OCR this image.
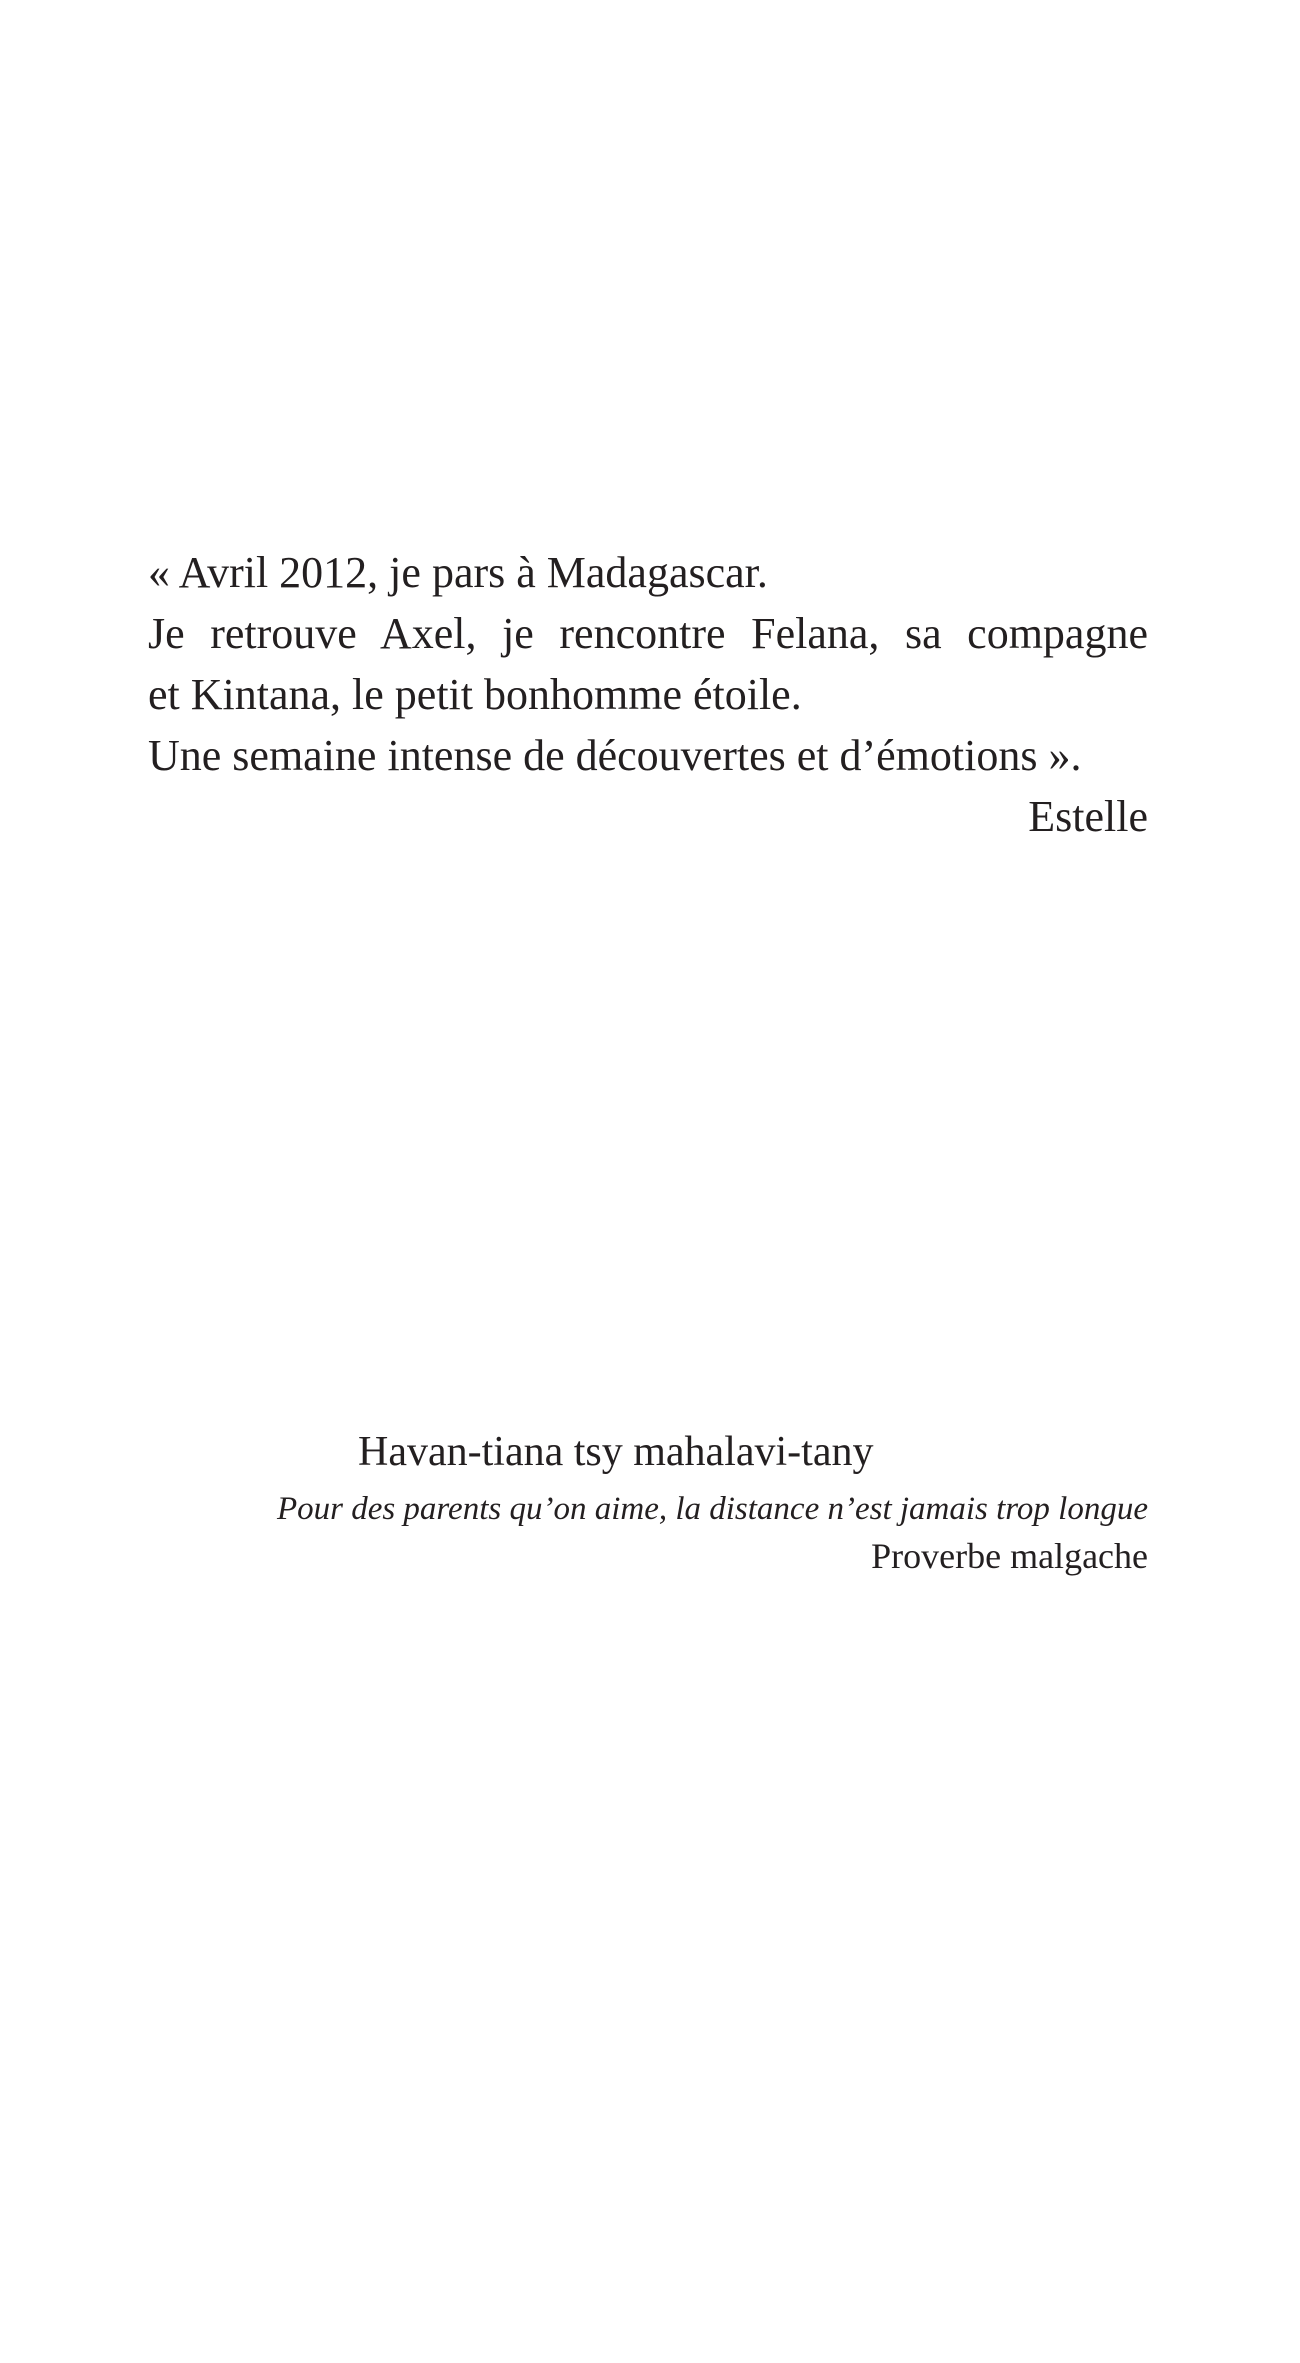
« Avril 2012, je pars à Madagascar.
Je retrouve Axel, je rencontre Felana, sa compagne
et Kintana, le petit bonhomme étoile.
Une semaine intense de découvertes et d’émotions ».
Estelle
Havan-tiana tsy mahalavi-tany
Pour des parents qu’on aime, la distance n’est jamais trop longue
Proverbe malgache
